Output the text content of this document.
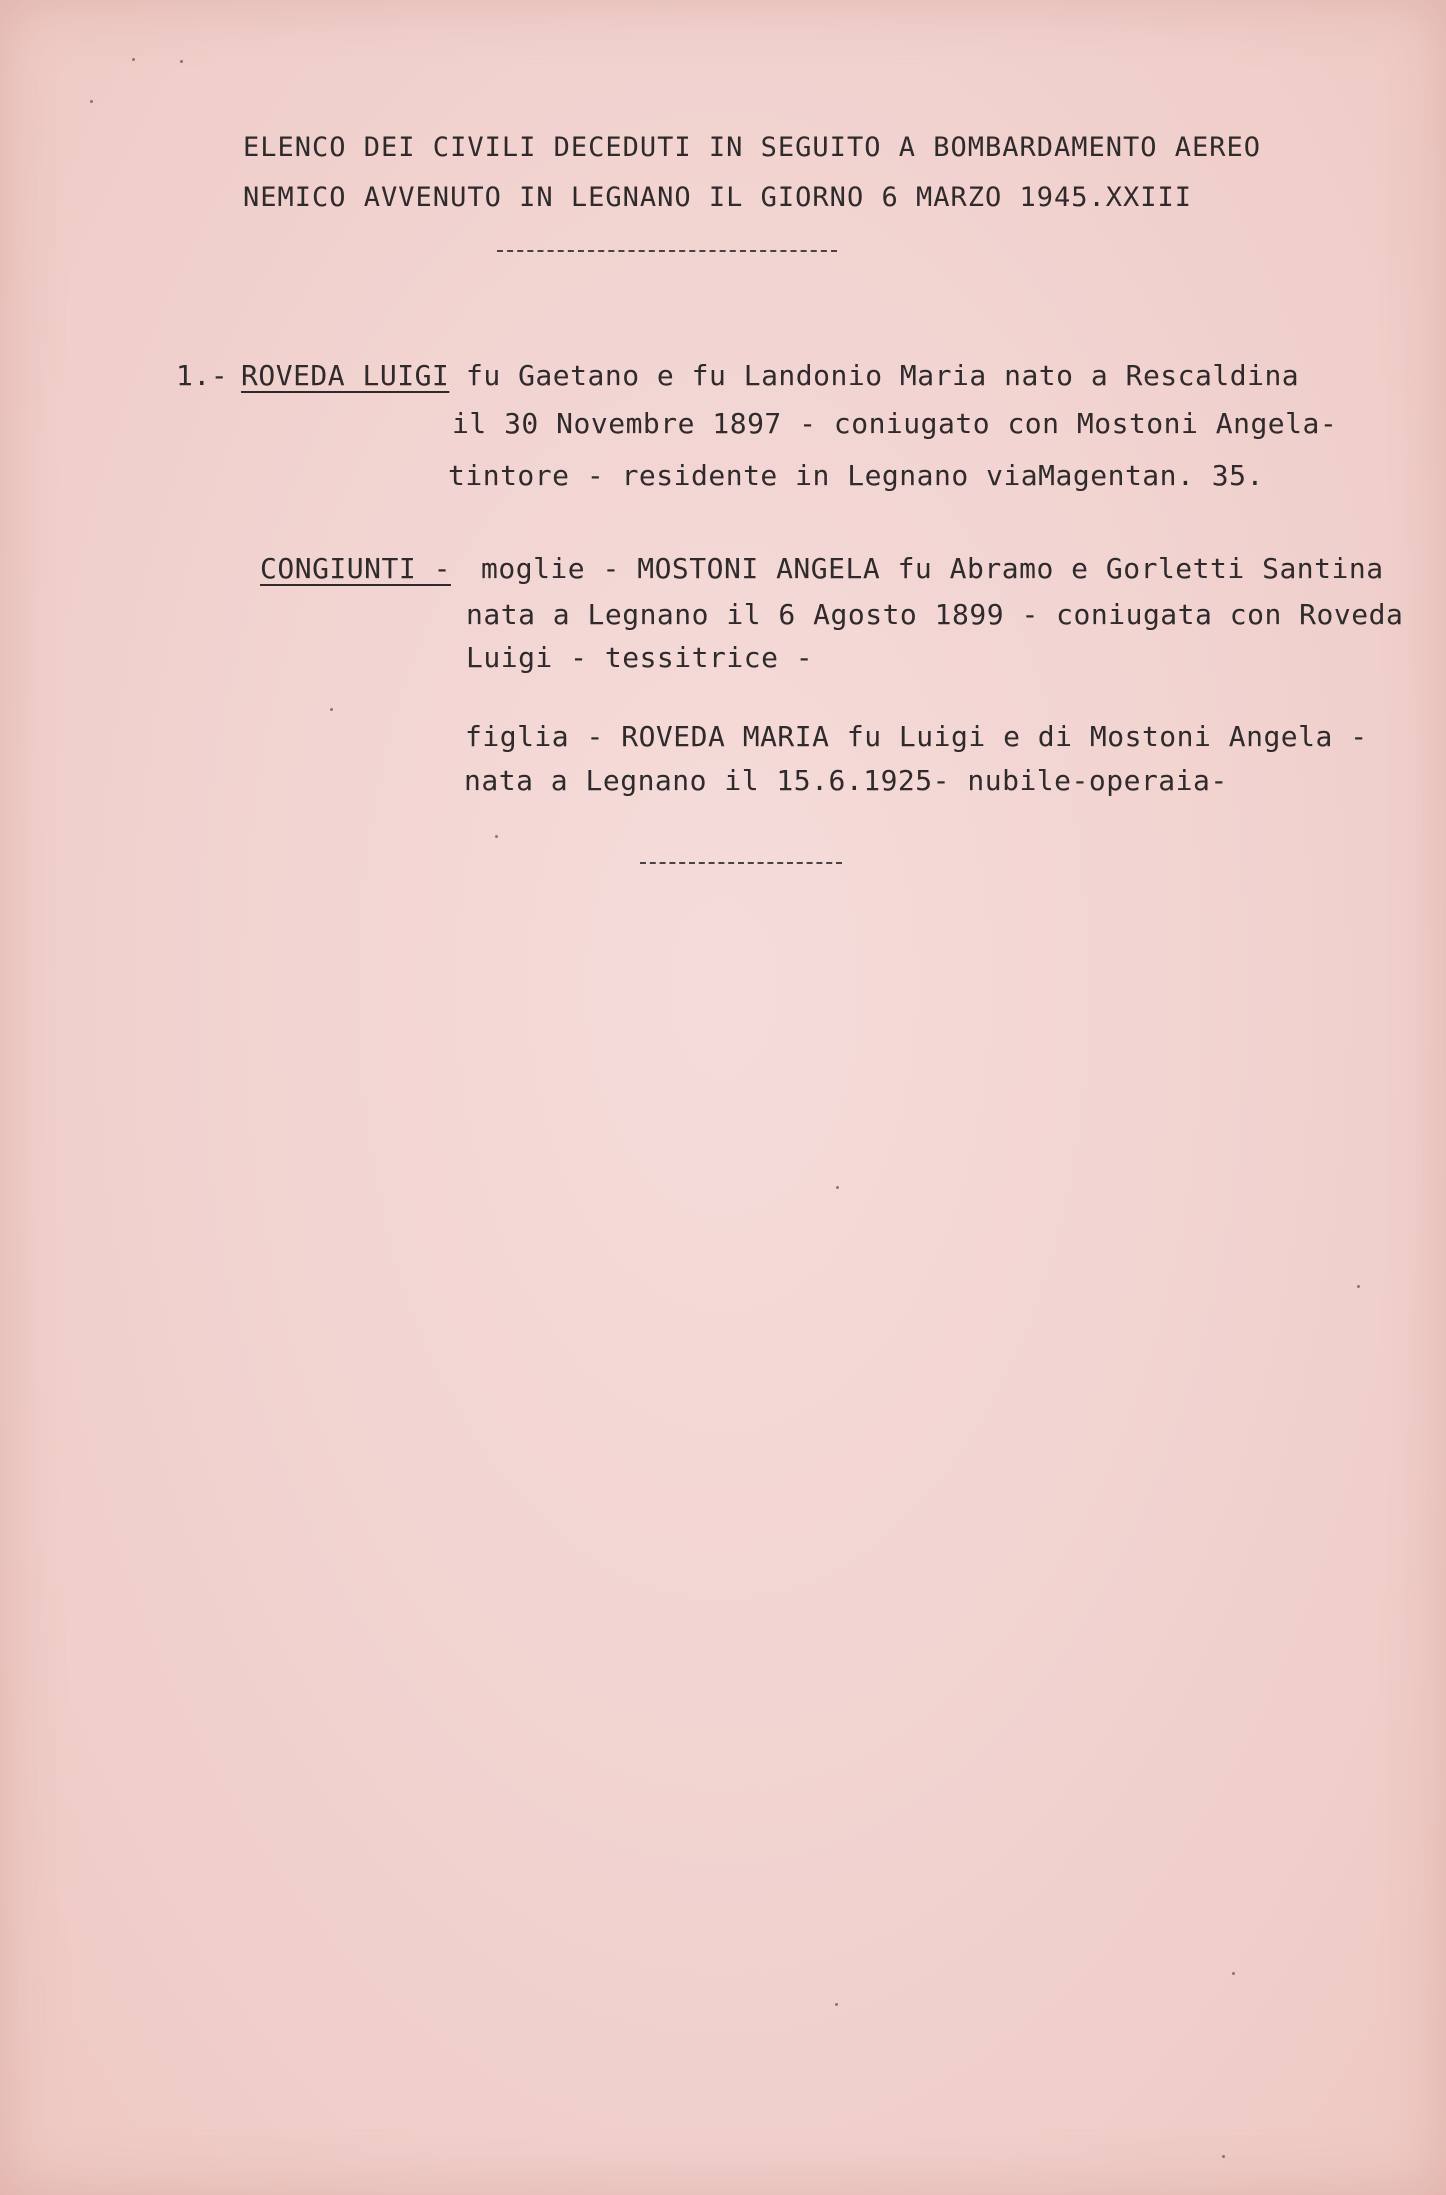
ELENCO DEI CIVILI DECEDUTI IN SEGUITO A BOMBARDAMENTO AEREO
NEMICO AVVENUTO IN LEGNANO IL GIORNO 6 MARZO 1945.XXIII
1.- ROVEDA LUIGI fu Gaetano e fu Landonio Maria nato a Rescaldina
il 30 Novembre 1897 - coniugato con Mostoni Angela-
tintore - residente in Legnano viaMagentan. 35.
CONGIUNTI - moglie - MOSTONI ANGELA fu Abramo e Gorletti Santina
nata a Legnano il 6 Agosto 1899 - coniugata con Roveda
Luigi - tessitrice -
figlia - ROVEDA MARIA fu Luigi e di Mostoni Angela -
nata a Legnano il 15.6.1925- nubile-operaia-
